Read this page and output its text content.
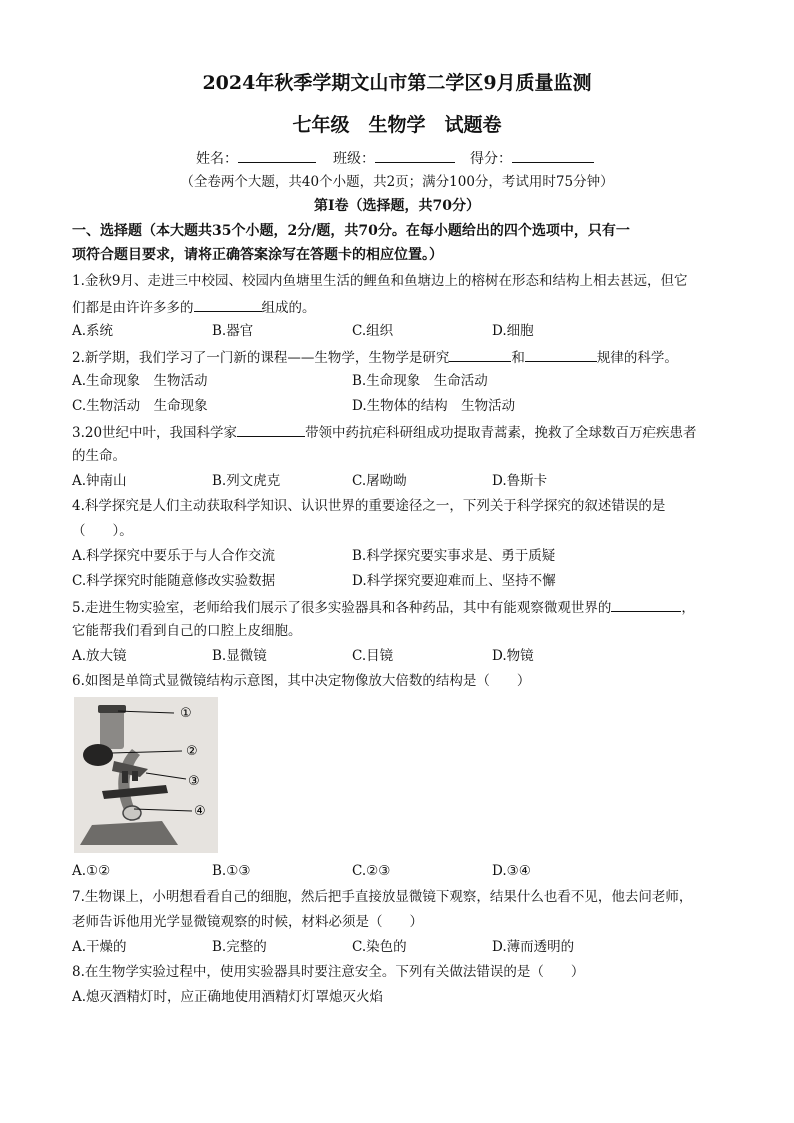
2024年秋季学期文山市第二学区9月质量监测
七年级　生物学　试题卷
姓名：	班级：	得分：
（全卷两个大题，共40个小题，共2页；满分100分，考试用时75分钟）
第Ⅰ卷（选择题，共70分）
一、选择题（本大题共35个小题，2分/题，共70分。在每小题给出的四个选项中，只有一
项符合题目要求，请将正确答案涂写在答题卡的相应位置。）
1.金秋9月、走进三中校园、校园内鱼塘里生活的鲤鱼和鱼塘边上的榕树在形态和结构上相去甚远，但它
们都是由许许多多的	组成的。
A.系统	B.器官	C.组织	D.细胞
2.新学期，我们学习了一门新的课程——生物学，生物学是研究	和	规律的科学。
A.生命现象　生物活动	B.生命现象　生命活动
C.生物活动　生命现象	D.生物体的结构　生物活动
3.20世纪中叶，我国科学家	带领中药抗疟科研组成功提取青蒿素，挽救了全球数百万疟疾患者
的生命。
A.钟南山	B.列文虎克	C.屠呦呦	D.鲁斯卡
4.科学探究是人们主动获取科学知识、认识世界的重要途径之一，下列关于科学探究的叙述错误的是
（　　）。
A.科学探究中要乐于与人合作交流	B.科学探究要实事求是、勇于质疑
C.科学探究时能随意修改实验数据	D.科学探究要迎难而上、坚持不懈
5.走进生物实验室，老师给我们展示了很多实验器具和各种药品，其中有能观察微观世界的	，
它能帮我们看到自己的口腔上皮细胞。
A.放大镜	B.显微镜	C.目镜	D.物镜
6.如图是单筒式显微镜结构示意图，其中决定物像放大倍数的结构是（　　）
①
②
③
④
A.①②	B.①③	C.②③	D.③④
7.生物课上，小明想看看自己的细胞，然后把手直接放显微镜下观察，结果什么也看不见，他去问老师，
老师告诉他用光学显微镜观察的时候，材料必须是（　　）
A.干燥的	B.完整的	C.染色的	D.薄而透明的
8.在生物学实验过程中，使用实验器具时要注意安全。下列有关做法错误的是（　　）
A.熄灭酒精灯时，应正确地使用酒精灯灯罩熄灭火焰
